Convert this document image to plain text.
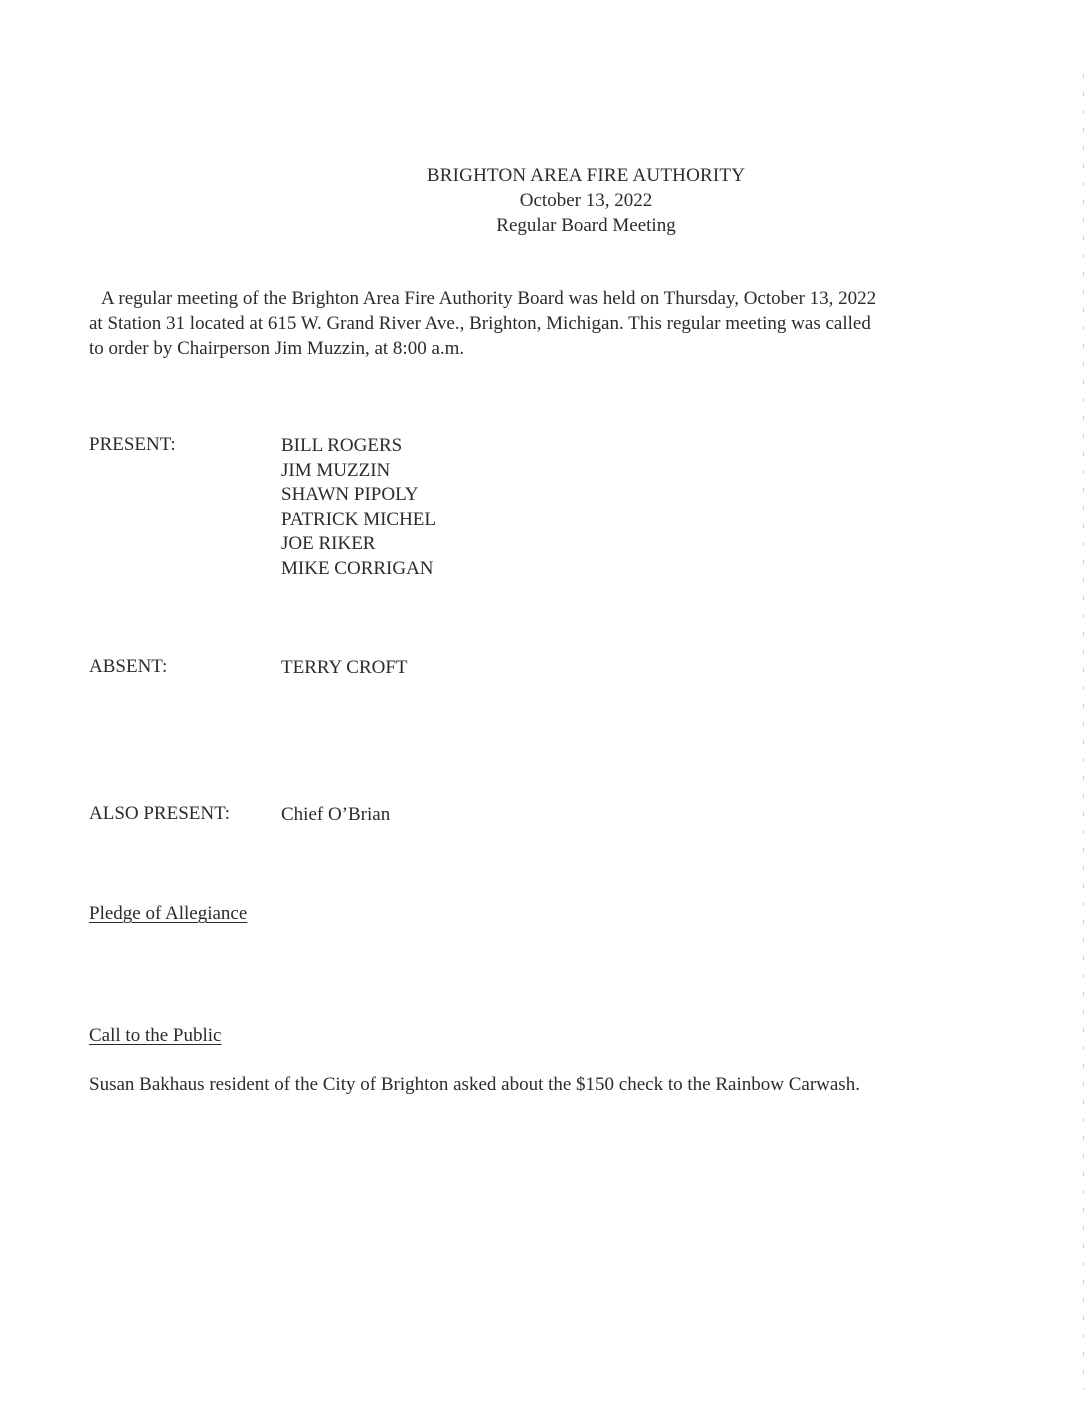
BRIGHTON AREA FIRE AUTHORITY
October 13, 2022
Regular Board Meeting
A regular meeting of the Brighton Area Fire Authority Board was held on Thursday, October 13, 2022
at Station 31 located at 615 W. Grand River Ave., Brighton, Michigan. This regular meeting was called
to order by Chairperson Jim Muzzin, at 8:00 a.m.
PRESENT:	BILL ROGERS
JIM MUZZIN
SHAWN PIPOLY
PATRICK MICHEL
JOE RIKER
MIKE CORRIGAN
ABSENT:	TERRY CROFT
ALSO PRESENT:	Chief O’Brian
Pledge of Allegiance
Call to the Public
Susan Bakhaus resident of the City of Brighton asked about the $150 check to the Rainbow Carwash.
